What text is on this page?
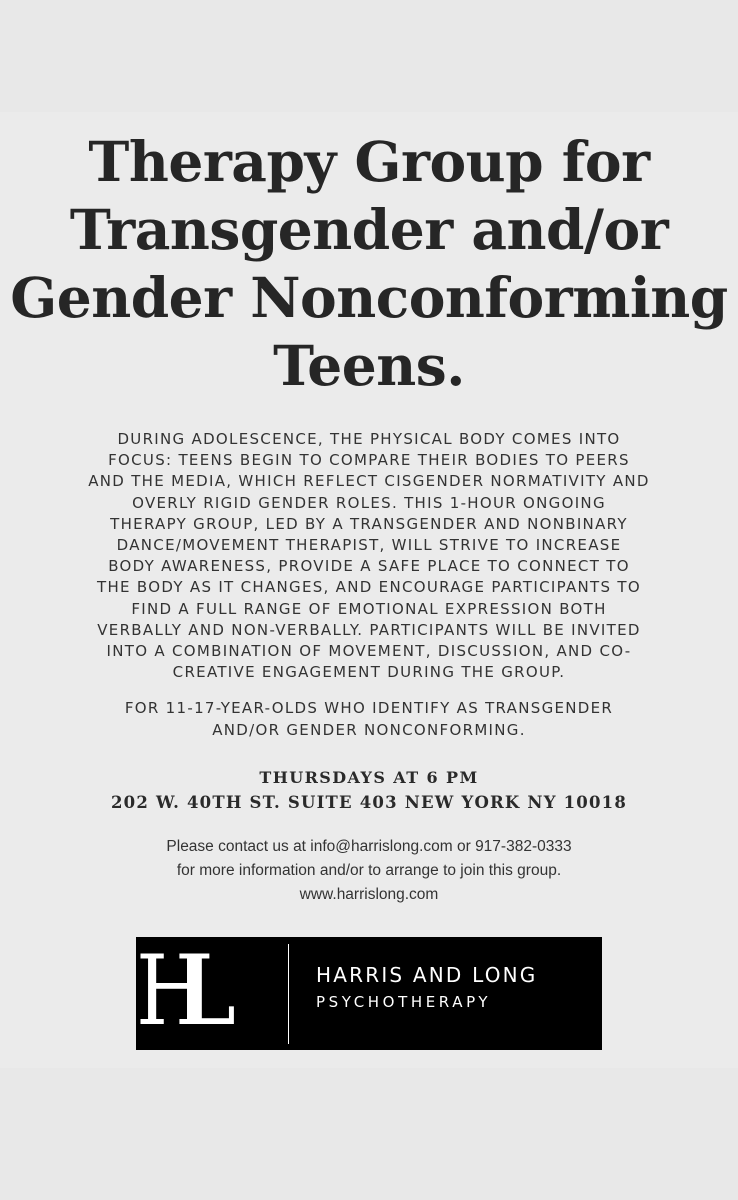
Therapy Group for
Transgender and/or
Gender Nonconforming
Teens.
DURING ADOLESCENCE, THE PHYSICAL BODY COMES INTO
FOCUS: TEENS BEGIN TO COMPARE THEIR BODIES TO PEERS
AND THE MEDIA, WHICH REFLECT CISGENDER NORMATIVITY AND
OVERLY RIGID GENDER ROLES. THIS 1-HOUR ONGOING
THERAPY GROUP, LED BY A TRANSGENDER AND NONBINARY
DANCE/MOVEMENT THERAPIST, WILL STRIVE TO INCREASE
BODY AWARENESS, PROVIDE A SAFE PLACE TO CONNECT TO
THE BODY AS IT CHANGES, AND ENCOURAGE PARTICIPANTS TO
FIND A FULL RANGE OF EMOTIONAL EXPRESSION BOTH
VERBALLY AND NON-VERBALLY. PARTICIPANTS WILL BE INVITED
INTO A COMBINATION OF MOVEMENT, DISCUSSION, AND CO-
CREATIVE ENGAGEMENT DURING THE GROUP.
FOR 11-17-YEAR-OLDS WHO IDENTIFY AS TRANSGENDER
AND/OR GENDER NONCONFORMING.
THURSDAYS AT 6 PM
202 W. 40TH ST. SUITE 403 NEW YORK NY 10018
Please contact us at info@harrislong.com or 917-382-0333
for more information and/or to arrange to join this group.
www.harrislong.com
HL	HARRIS AND LONG
PSYCHOTHERAPY
